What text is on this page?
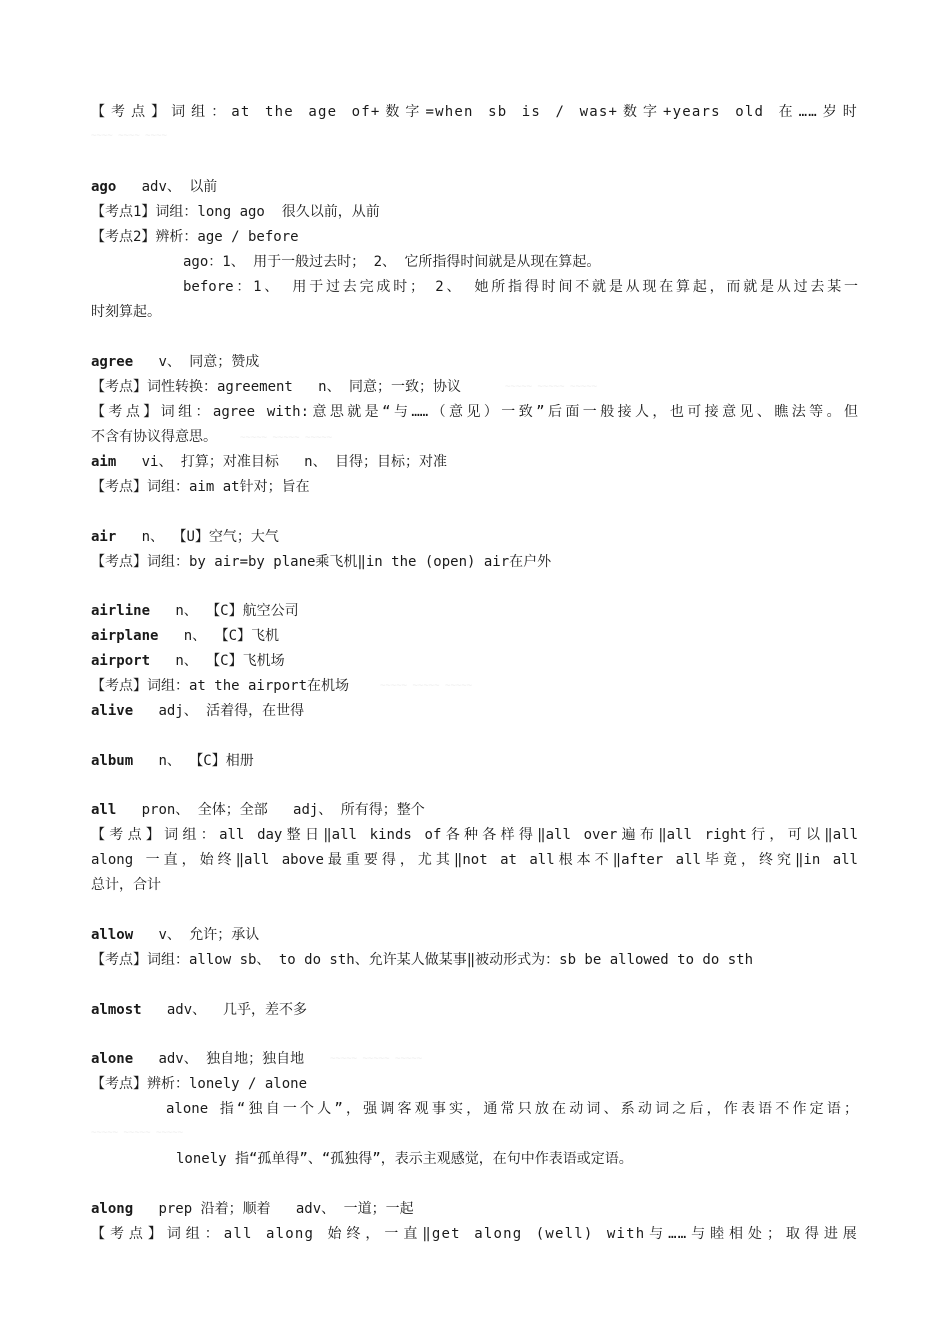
【考点】词组：at the age of+数字=when sb is / was+数字+years old 在……岁时
~~~~ ~~~~ ~~~~
ago adv、 以前
【考点1】词组：long ago  很久以前，从前
【考点2】辨析：age / before
ago：1、 用于一般过去时； 2、 它所指得时间就是从现在算起。
before：1、 用于过去完成时； 2、 她所指得时间不就是从现在算起，而就是从过去某一
时刻算起。
agree v、 同意；赞成
【考点】词性转换：agreement   n、 同意；一致；协议
【考点】词组：agree with:意思就是“与……（意见）一致”后面一般接人，也可接意见、瞧法等。但
不含有协议得意思。
aim vi、 打算；对准目标   n、 目得；目标；对准
【考点】词组：aim at针对；旨在
air n、 【U】空气；大气
【考点】词组：by air=by plane乘飞机‖in the (open) air在户外
airline n、 【C】航空公司
airplane n、 【C】飞机
airport n、 【C】飞机场
【考点】词组：at the airport在机场
alive adj、 活着得，在世得
album n、 【C】相册
all pron、 全体；全部   adj、 所有得；整个
【考点】词组：all day整日‖all kinds of各种各样得‖all over遍布‖all right行，可以‖all
along 一直，始终‖all above最重要得，尤其‖not at all根本不‖after all毕竟，终究‖in all
总计，合计
allow v、 允许；承认
【考点】词组：allow sb、 to do sth、允许某人做某事‖被动形式为：sb be allowed to do sth
almost adv、  几乎，差不多
alone adv、 独自地；独自地
【考点】辨析：lonely / alone
alone 指“独自一个人”，强调客观事实，通常只放在动词、系动词之后，作表语不作定语；
~~~~~ ~~~~~ ~~~~~
lonely 指“孤单得”、“孤独得”，表示主观感觉，在句中作表语或定语。
along prep 沿着；顺着   adv、 一道；一起
【考点】词组：all along 始终，一直‖get along (well) with与……与睦相处；取得进展
~~~~~ ~~~~~ ~~~~~
~~~~~ ~~~~~ ~~~~~
~~~~~ ~~~~~ ~~~~~
~~~~~ ~~~~~ ~~~~~
